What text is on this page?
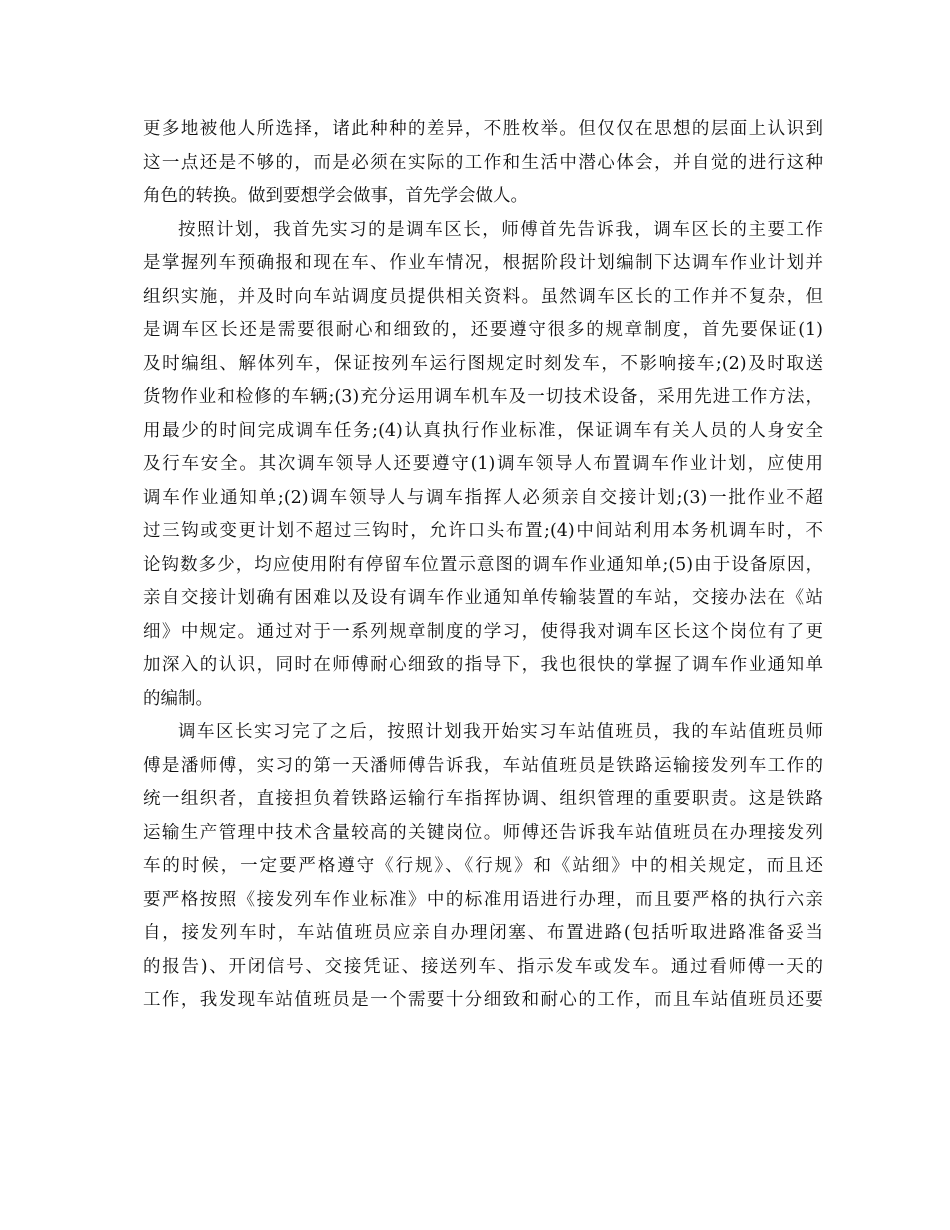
更多地被他人所选择，诸此种种的差异，不胜枚举。但仅仅在思想的层面上认识到
这一点还是不够的，而是必须在实际的工作和生活中潜心体会，并自觉的进行这种
角色的转换。做到要想学会做事，首先学会做人。
按照计划，我首先实习的是调车区长，师傅首先告诉我，调车区长的主要工作
是掌握列车预确报和现在车、作业车情况，根据阶段计划编制下达调车作业计划并
组织实施，并及时向车站调度员提供相关资料。虽然调车区长的工作并不复杂，但
是调车区长还是需要很耐心和细致的，还要遵守很多的规章制度，首先要保证(1)
及时编组、解体列车，保证按列车运行图规定时刻发车，不影响接车;(2)及时取送
货物作业和检修的车辆;(3)充分运用调车机车及一切技术设备，采用先进工作方法，
用最少的时间完成调车任务;(4)认真执行作业标准，保证调车有关人员的人身安全
及行车安全。其次调车领导人还要遵守(1)调车领导人布置调车作业计划，应使用
调车作业通知单;(2)调车领导人与调车指挥人必须亲自交接计划;(3)一批作业不超
过三钩或变更计划不超过三钩时，允许口头布置;(4)中间站利用本务机调车时，不
论钩数多少，均应使用附有停留车位置示意图的调车作业通知单;(5)由于设备原因，
亲自交接计划确有困难以及设有调车作业通知单传输装置的车站，交接办法在《站
细》中规定。通过对于一系列规章制度的学习，使得我对调车区长这个岗位有了更
加深入的认识，同时在师傅耐心细致的指导下，我也很快的掌握了调车作业通知单
的编制。
调车区长实习完了之后，按照计划我开始实习车站值班员，我的车站值班员师
傅是潘师傅，实习的第一天潘师傅告诉我，车站值班员是铁路运输接发列车工作的
统一组织者，直接担负着铁路运输行车指挥协调、组织管理的重要职责。这是铁路
运输生产管理中技术含量较高的关键岗位。师傅还告诉我车站值班员在办理接发列
车的时候，一定要严格遵守《行规》、《行规》和《站细》中的相关规定，而且还
要严格按照《接发列车作业标准》中的标准用语进行办理，而且要严格的执行六亲
自，接发列车时，车站值班员应亲自办理闭塞、布置进路(包括听取进路准备妥当
的报告)、开闭信号、交接凭证、接送列车、指示发车或发车。通过看师傅一天的
工作，我发现车站值班员是一个需要十分细致和耐心的工作，而且车站值班员还要
